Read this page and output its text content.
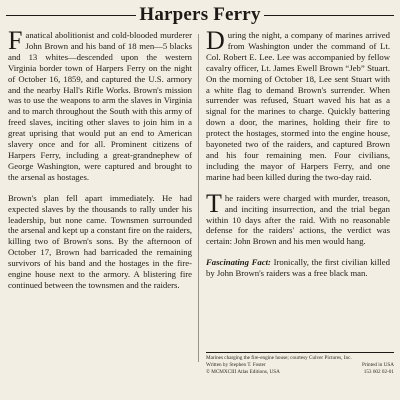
Harpers Ferry

Fanatical abolitionist and cold-blooded murderer John Brown and his band of 18 men—5 blacks and 13 whites—descended upon the western Virginia border town of Harpers Ferry on the night of October 16, 1859, and captured the U.S. armory and the nearby Hall's Rifle Works. Brown's mission was to use the weapons to arm the slaves in Virginia and to march throughout the South with this army of freed slaves, inciting other slaves to join him in a great uprising that would put an end to American slavery once and for all. Prominent citizens of Harpers Ferry, including a great-grandnephew of George Washington, were captured and brought to the arsenal as hostages.

Brown's plan fell apart immediately. He had expected slaves by the thousands to rally under his leadership, but none came. Townsmen surrounded the arsenal and kept up a constant fire on the raiders, killing two of Brown's sons. By the afternoon of October 17, Brown had barricaded the remaining survivors of his band and the hostages in the fire-engine house next to the armory. A blistering fire continued between the townsmen and the raiders.

During the night, a company of marines arrived from Washington under the command of Lt. Col. Robert E. Lee. Lee was accompanied by fellow cavalry officer, Lt. James Ewell Brown “Jeb” Stuart. On the morning of October 18, Lee sent Stuart with a white flag to demand Brown's surrender. When surrender was refused, Stuart waved his hat as a signal for the marines to charge. Quickly battering down a door, the marines, holding their fire to protect the hostages, stormed into the engine house, bayoneted two of the raiders, and captured Brown and his four remaining men. Four civilians, including the mayor of Harpers Ferry, and one marine had been killed during the two-day raid.

The raiders were charged with murder, treason, and inciting insurrection, and the trial began within 10 days after the raid. With no reasonable defense for the raiders' actions, the verdict was certain: John Brown and his men would hang.

Fascinating Fact: Ironically, the first civilian killed by John Brown's raiders was a free black man.

Marines charging the fire-engine house; courtesy Culver Pictures, Inc.
Printed in USA
Written by Stephen T. Foster
153 602 02-01
© MCMXCIII Atlas Editions, USA
